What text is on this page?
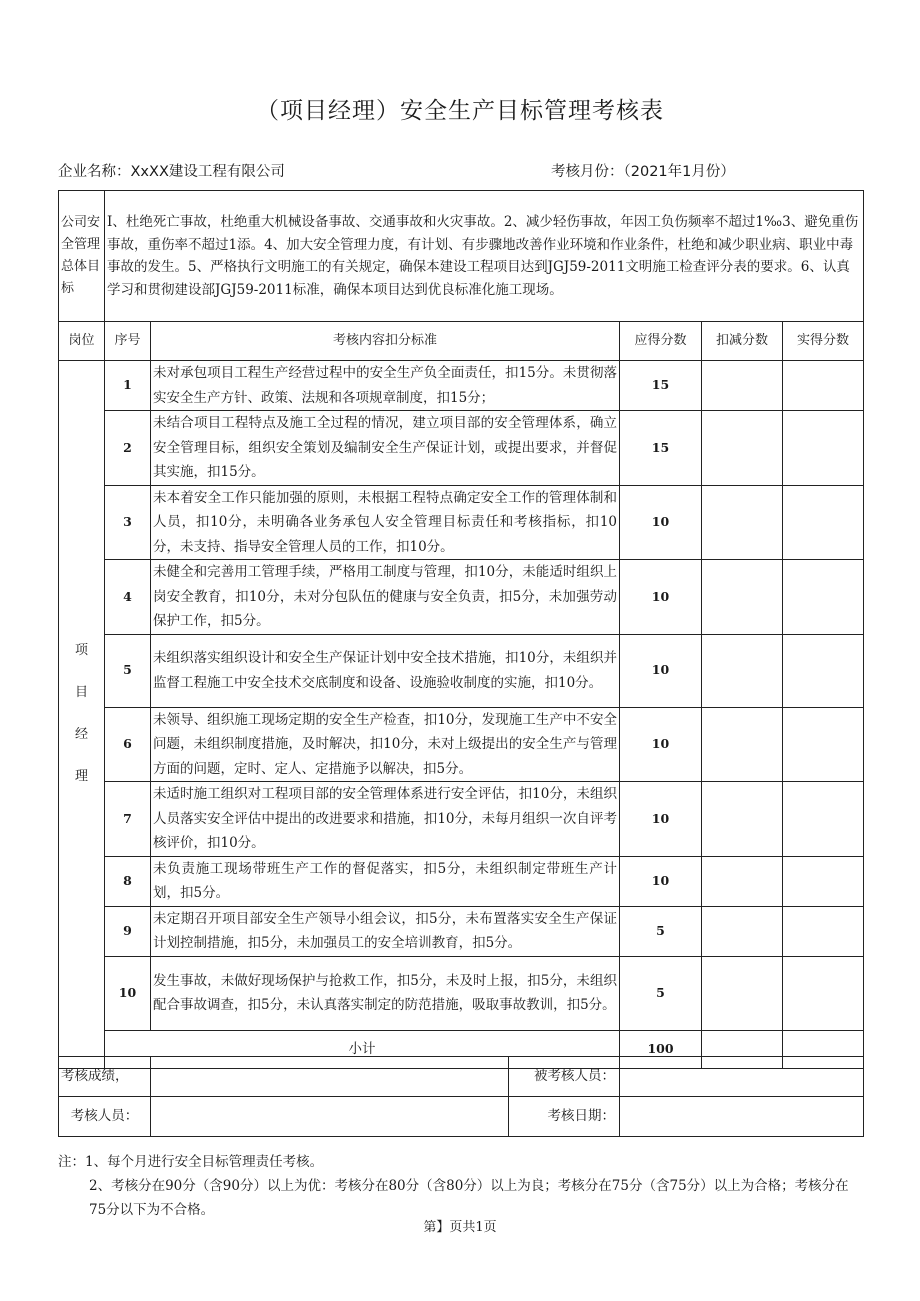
（项目经理）安全生产目标管理考核表
企业名称：XxXX建设工程有限公司	考核月份：（2021年1月份）
公司安全管理总体目标	I、杜绝死亡事故，杜绝重大机械设备事故、交通事故和火灾事故。2、减少轻伤事故，年因工负伤频率不超过1‰3、避免重伤事故，重伤率不超过1添。4、加大安全管理力度，有计划、有步骤地改善作业环境和作业条件，杜绝和减少职业病、职业中毒事故的发生。5、严格执行文明施工的有关规定，确保本建设工程项目达到JGJ59-2011文明施工检查评分表的要求。6、认真学习和贯彻建设部JGJ59-2011标准，确保本项目达到优良标准化施工现场。				
岗位	序号	考核内容扣分标准	应得分数	扣减分数	实得分数

项
目
经
理	1	未对承包项目工程生产经营过程中的安全生产负全面责任，扣15分。未贯彻落实安全生产方针、政策、法规和各项规章制度，扣15分；	15		
	2	未结合项目工程特点及施工全过程的情况，建立项目部的安全管理体系，确立安全管理目标，组织安全策划及编制安全生产保证计划，或提出要求，并督促其实施，扣15分。	15		
	3	未本着安全工作只能加强的原则，未根据工程特点确定安全工作的管理体制和人员，扣10分，未明确各业务承包人安全管理目标责任和考核指标，扣10分，未支持、指导安全管理人员的工作，扣10分。	10		
	4	未健全和完善用工管理手续，严格用工制度与管理，扣10分，未能适时组织上岗安全教育，扣10分，未对分包队伍的健康与安全负责，扣5分，未加强劳动保护工作，扣5分。	10		
	5	未组织落实组织设计和安全生产保证计划中安全技术措施，扣10分，未组织并监督工程施工中安全技术交底制度和设备、设施验收制度的实施，扣10分。	10		
	6	未领导、组织施工现场定期的安全生产检查，扣10分，发现施工生产中不安全问题，未组织制度措施，及时解决，扣10分，未对上级提出的安全生产与管理方面的问题，定时、定人、定措施予以解决，扣5分。	10		
	7	未适时施工组织对工程项目部的安全管理体系进行安全评估，扣10分，未组织人员落实安全评估中提出的改进要求和措施，扣10分，未每月组织一次自评考核评价，扣10分。	10		
	8	未负责施工现场带班生产工作的督促落实，扣5分，未组织制定带班生产计划，扣5分。	10		
	9	未定期召开项目部安全生产领导小组会议，扣5分，未布置落实安全生产保证计划控制措施，扣5分，未加强员工的安全培训教育，扣5分。	5		
	10	发生事故，未做好现场保护与抢救工作，扣5分，未及时上报，扣5分，未组织配合事故调查，扣5分，未认真落实制定的防范措施，吸取事故教训，扣5分。	5		
	小计		100		
考核成绩，		被考核人员：	
考核人员：		考核日期：	
注：1、每个月进行安全目标管理责任考核。
2、考核分在90分（含90分）以上为优：考核分在80分（含80分）以上为良；考核分在75分（含75分）以上为合格；考核分在75分以下为不合格。
第】页共1页
